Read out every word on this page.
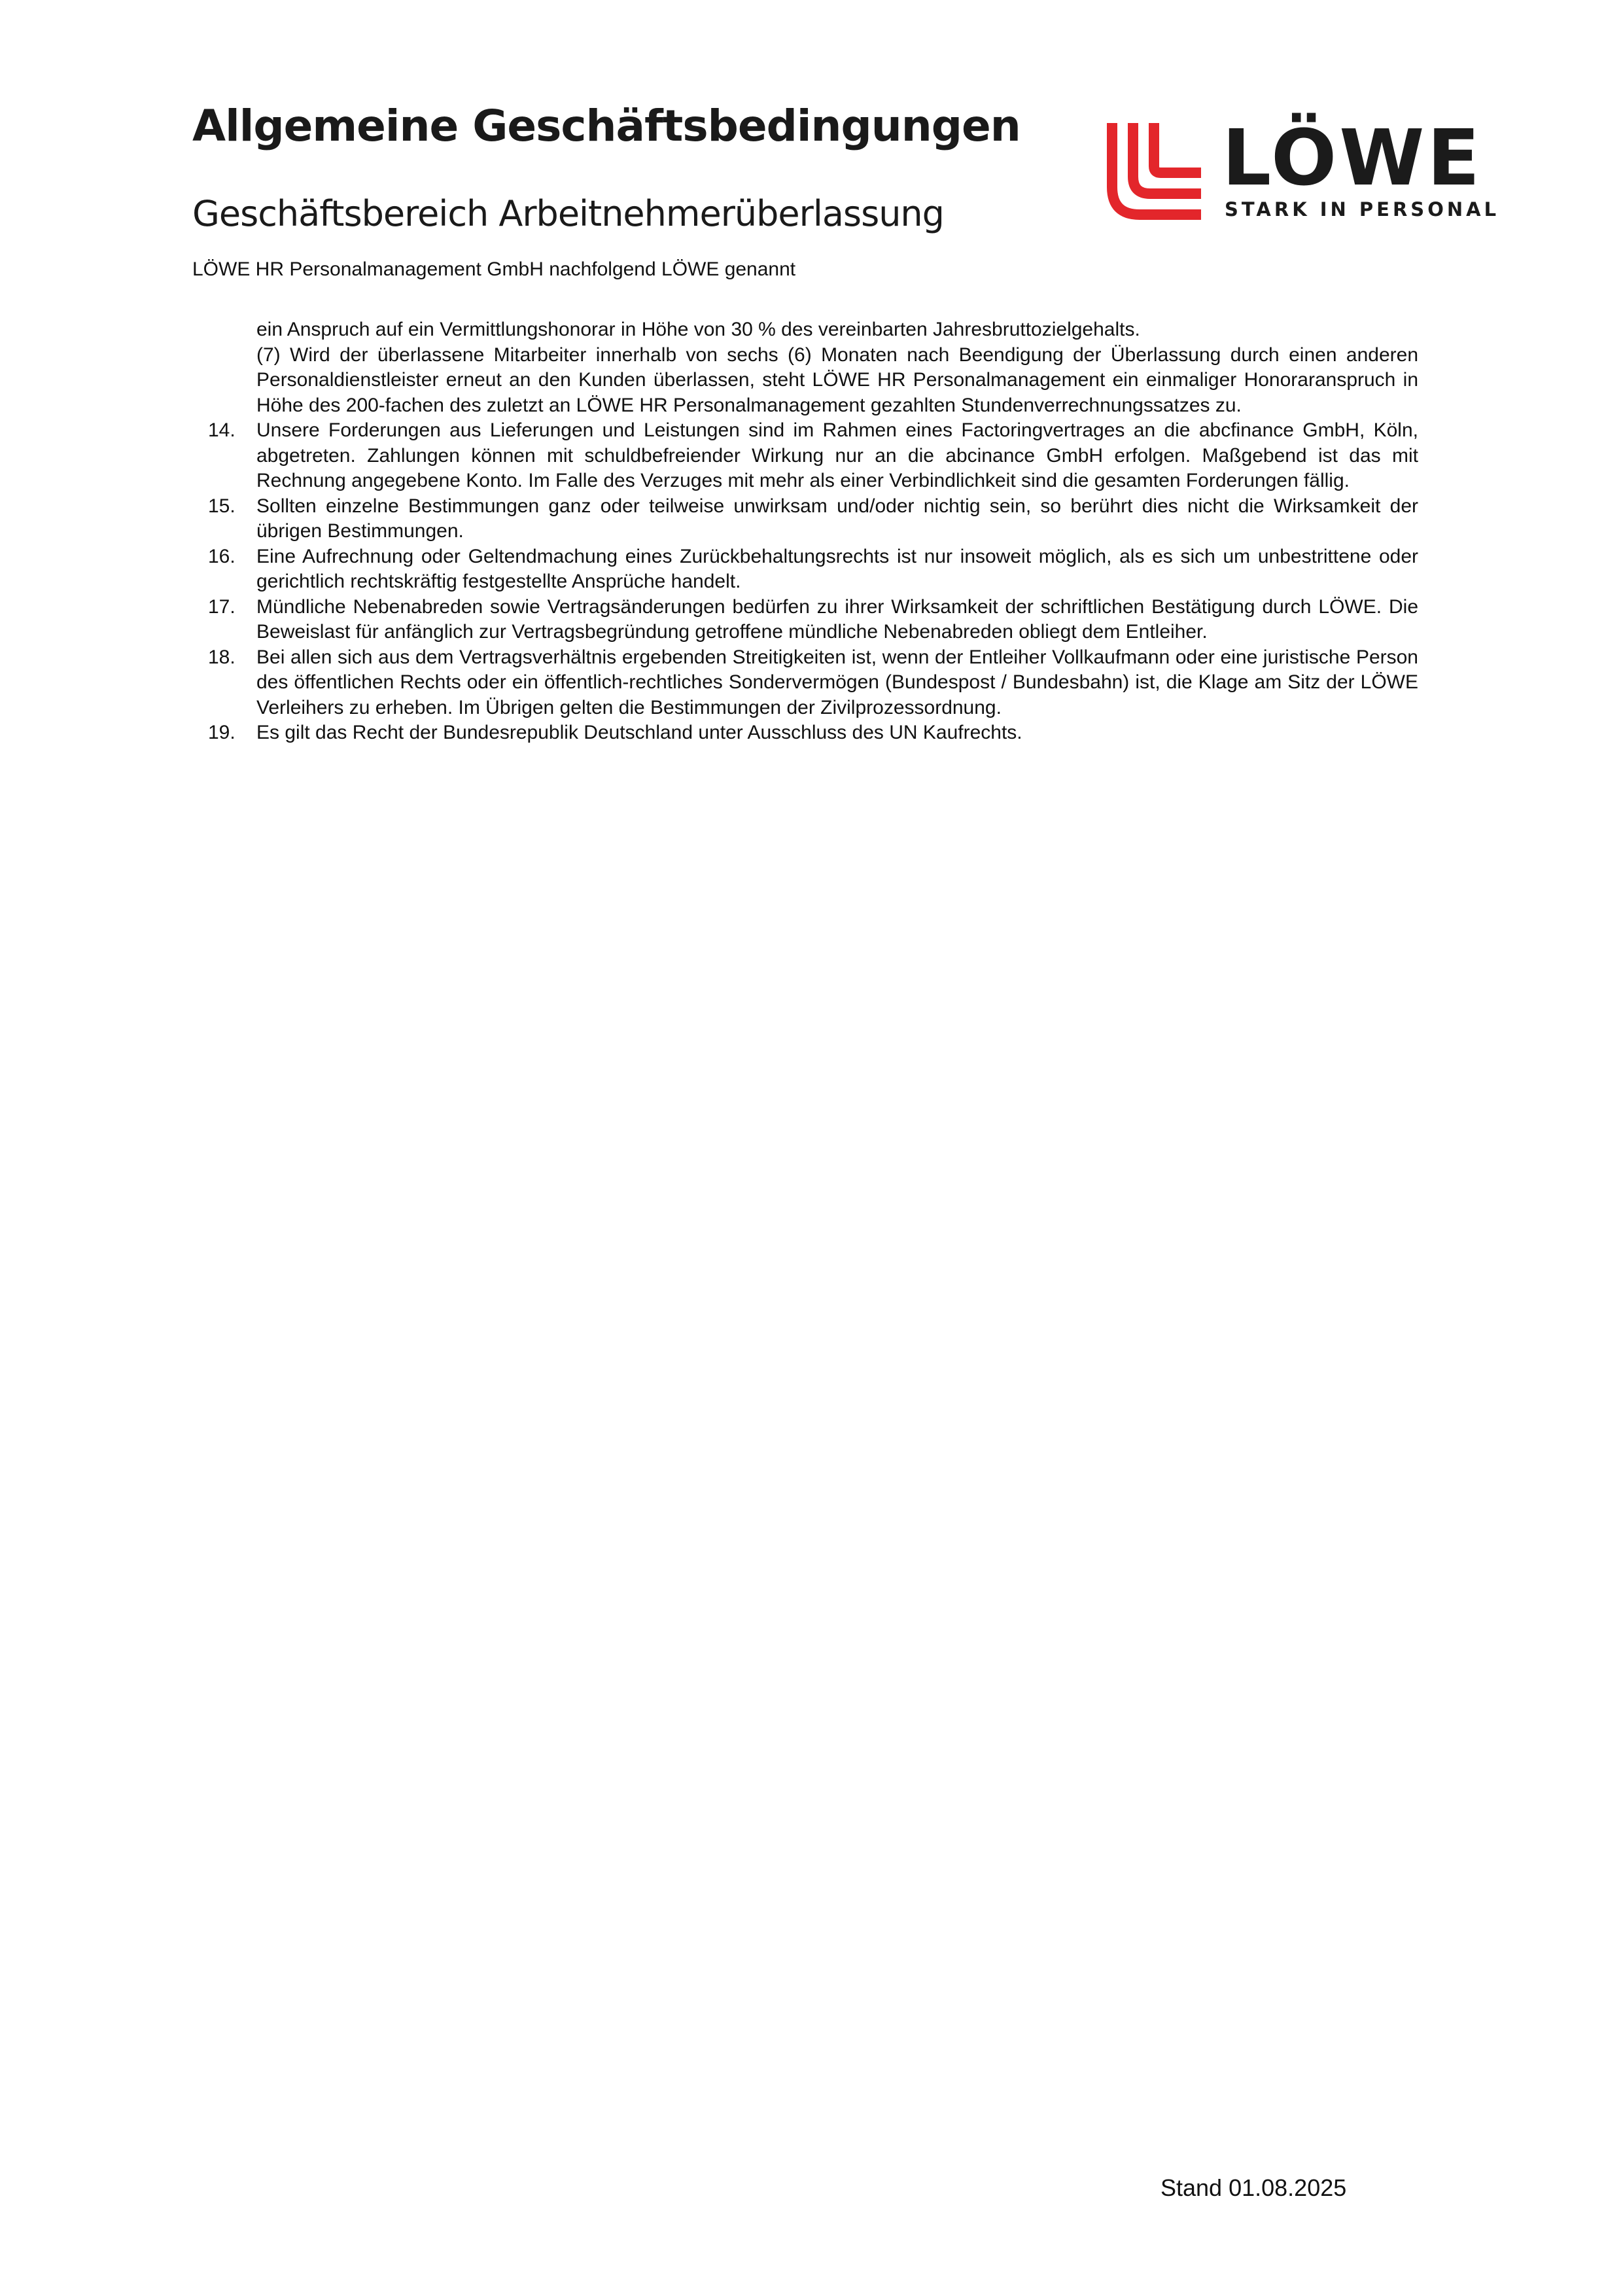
Allgemeine Geschäftsbedingungen
Geschäftsbereich Arbeitnehmerüberlassung

LÖWE HR Personalmanagement GmbH nachfolgend LÖWE genannt

LÖWE

STARK IN PERSONAL

ein Anspruch auf ein Vermittlungshonorar in Höhe von 30 % des vereinbarten Jahresbruttozielgehalts.

(7) Wird der überlassene Mitarbeiter innerhalb von sechs (6) Monaten nach Beendigung der Überlassung durch einen anderen Personaldienstleister erneut an den Kunden überlassen, steht LÖWE HR Personalmanagement ein einmaliger Honoraranspruch in Höhe des 200-fachen des zuletzt an LÖWE HR Personalmanagement gezahlten Stundenverrechnungssatzes zu.

14. Unsere Forderungen aus Lieferungen und Leistungen sind im Rahmen eines Factoringvertrages an die abcfinance GmbH, Köln, abgetreten. Zahlungen können mit schuldbefreiender Wirkung nur an die abcinance GmbH erfolgen. Maßgebend ist das mit Rechnung angegebene Konto. Im Falle des Verzuges mit mehr als einer Verbindlichkeit sind die gesamten Forderungen fällig.
15. Sollten einzelne Bestimmungen ganz oder teilweise unwirksam und/oder nichtig sein, so berührt dies nicht die Wirksamkeit der übrigen Bestimmungen.
16. Eine Aufrechnung oder Geltendmachung eines Zurückbehaltungsrechts ist nur insoweit möglich, als es sich um unbestrittene oder gerichtlich rechtskräftig festgestellte Ansprüche handelt.
17. Mündliche Nebenabreden sowie Vertragsänderungen bedürfen zu ihrer Wirksamkeit der schriftlichen Bestätigung durch LÖWE. Die Beweislast für anfänglich zur Vertragsbegründung getroffene mündliche Nebenabreden obliegt dem Entleiher.
18. Bei allen sich aus dem Vertragsverhältnis ergebenden Streitigkeiten ist, wenn der Entleiher Vollkaufmann oder eine juristische Person des öffentlichen Rechts oder ein öffentlich-rechtliches Sondervermögen (Bundespost / Bundesbahn) ist, die Klage am Sitz der LÖWE Verleihers zu erheben. Im Übrigen gelten die Bestimmungen der Zivilprozessordnung.
19. Es gilt das Recht der Bundesrepublik Deutschland unter Ausschluss des UN Kaufrechts.

Stand 01.08.2025
